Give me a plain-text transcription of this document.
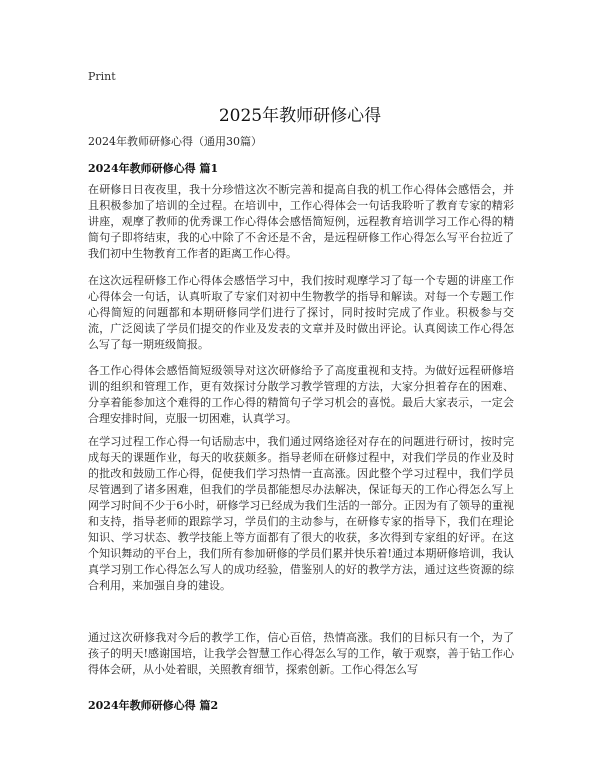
Print
2025年教师研修心得
2024年教师研修心得（通用30篇）
2024年教师研修心得 篇1

在研修日日夜夜里，我十分珍惜这次不断完善和提高自我的机工作心得体会感悟会，并且积极参加了培训的全过程。在培训中，工作心得体会一句话我聆听了教育专家的精彩讲座，观摩了教师的优秀课工作心得体会感悟简短例，远程教育培训学习工作心得的精简句子即将结束，我的心中除了不舍还是不舍，是远程研修工作心得怎么写平台拉近了我们初中生物教育工作者的距离工作心得。

在这次远程研修工作心得体会感悟学习中，我们按时观摩学习了每一个专题的讲座工作心得体会一句话，认真听取了专家们对初中生物教学的指导和解读。对每一个专题工作心得简短的问题都和本期研修同学们进行了探讨，同时按时完成了作业。积极参与交流，广泛阅读了学员们提交的作业及发表的文章并及时做出评论。认真阅读工作心得怎么写了每一期班级简报。

各工作心得体会感悟简短级领导对这次研修给予了高度重视和支持。为做好远程研修培训的组织和管理工作，更有效探讨分散学习教学管理的方法，大家分担着存在的困难、分享着能参加这个难得的工作心得的精简句子学习机会的喜悦。最后大家表示，一定会合理安排时间，克服一切困难，认真学习。

在学习过程工作心得一句话励志中，我们通过网络途径对存在的问题进行研讨，按时完成每天的课题作业，每天的收获颇多。指导老师在研修过程中，对我们学员的作业及时的批改和鼓励工作心得，促使我们学习热情一直高涨。因此整个学习过程中，我们学员尽管遇到了诸多困难，但我们的学员都能想尽办法解决，保证每天的工作心得怎么写上网学习时间不少于6小时，研修学习已经成为我们生活的一部分。正因为有了领导的重视和支持，指导老师的跟踪学习，学员们的主动参与，在研修专家的指导下，我们在理论知识、学习状态、教学技能上等方面都有了很大的收获，多次得到专家组的好评。在这个知识舞动的平台上，我们所有参加研修的学员们累并快乐着!通过本期研修培训，我认真学习别工作心得怎么写人的成功经验，借鉴别人的好的教学方法，通过这些资源的综合利用，来加强自身的建设。

通过这次研修我对今后的教学工作，信心百倍，热情高涨。我们的目标只有一个，为了孩子的明天!感谢国培，让我学会智慧工作心得怎么写的工作，敏于观察，善于钻工作心得体会研，从小处着眼，关照教育细节，探索创新。工作心得怎么写

2024年教师研修心得 篇2
